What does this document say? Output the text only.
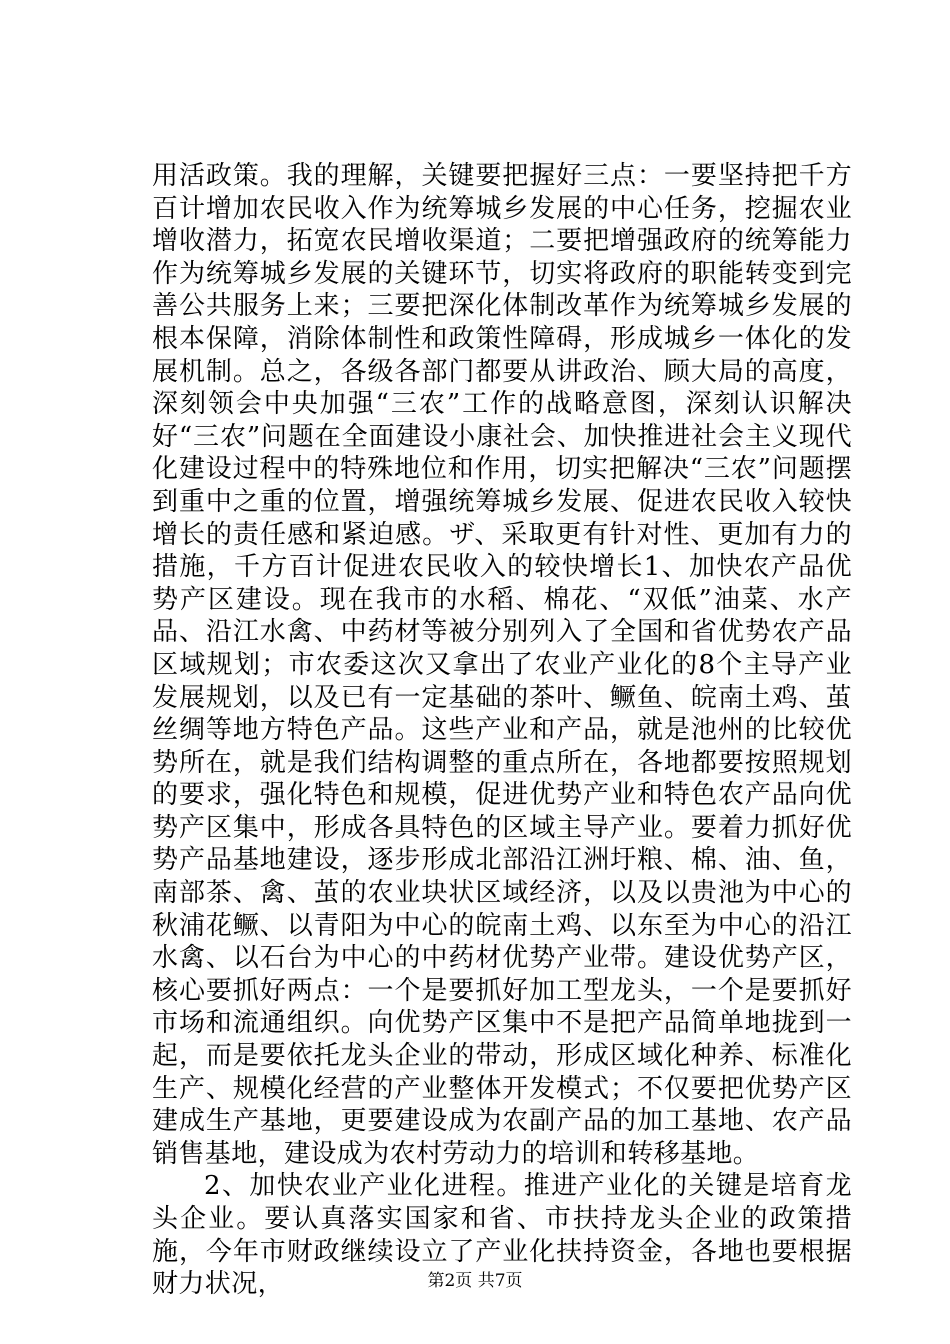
用活政策。我的理解，关键要把握好三点：一要坚持把千方百计增加农民收入作为统筹城乡发展的中心任务，挖掘农业增收潜力，拓宽农民增收渠道；二要把增强政府的统筹能力作为统筹城乡发展的关键环节，切实将政府的职能转变到完善公共服务上来；三要把深化体制改革作为统筹城乡发展的根本保障，消除体制性和政策性障碍，形成城乡一体化的发展机制。总之，各级各部门都要从讲政治、顾大局的高度，深刻领会中央加强“三农”工作的战略意图，深刻认识解决好“三农”问题在全面建设小康社会、加快推进社会主义现代化建设过程中的特殊地位和作用，切实把解决“三农”问题摆到重中之重的位置，增强统筹城乡发展、促进农民收入较快增长的责任感和紧迫感。ザ、采取更有针对性、更加有力的措施，千方百计促进农民收入的较快增长1、加快农产品优势产区建设。现在我市的水稻、棉花、“双低”油菜、水产品、沿江水禽、中药材等被分别列入了全国和省优势农产品区域规划；市农委这次又拿出了农业产业化的8个主导产业发展规划，以及已有一定基础的茶叶、鳜鱼、皖南土鸡、茧丝绸等地方特色产品。这些产业和产品，就是池州的比较优势所在，就是我们结构调整的重点所在，各地都要按照规划的要求，强化特色和规模，促进优势产业和特色农产品向优势产区集中，形成各具特色的区域主导产业。要着力抓好优势产品基地建设，逐步形成北部沿江洲圩粮、棉、油、鱼，南部茶、禽、茧的农业块状区域经济，以及以贵池为中心的秋浦花鳜、以青阳为中心的皖南土鸡、以东至为中心的沿江水禽、以石台为中心的中药材优势产业带。建设优势产区，核心要抓好两点：一个是要抓好加工型龙头，一个是要抓好市场和流通组织。向优势产区集中不是把产品简单地拢到一起，而是要依托龙头企业的带动，形成区域化种养、标准化生产、规模化经营的产业整体开发模式；不仅要把优势产区建成生产基地，更要建设成为农副产品的加工基地、农产品销售基地，建设成为农村劳动力的培训和转移基地。

2、加快农业产业化进程。推进产业化的关键是培育龙头企业。要认真落实国家和省、市扶持龙头企业的政策措施，今年市财政继续设立了产业化扶持资金，各地也要根据财力状况，	第2页 共7页
